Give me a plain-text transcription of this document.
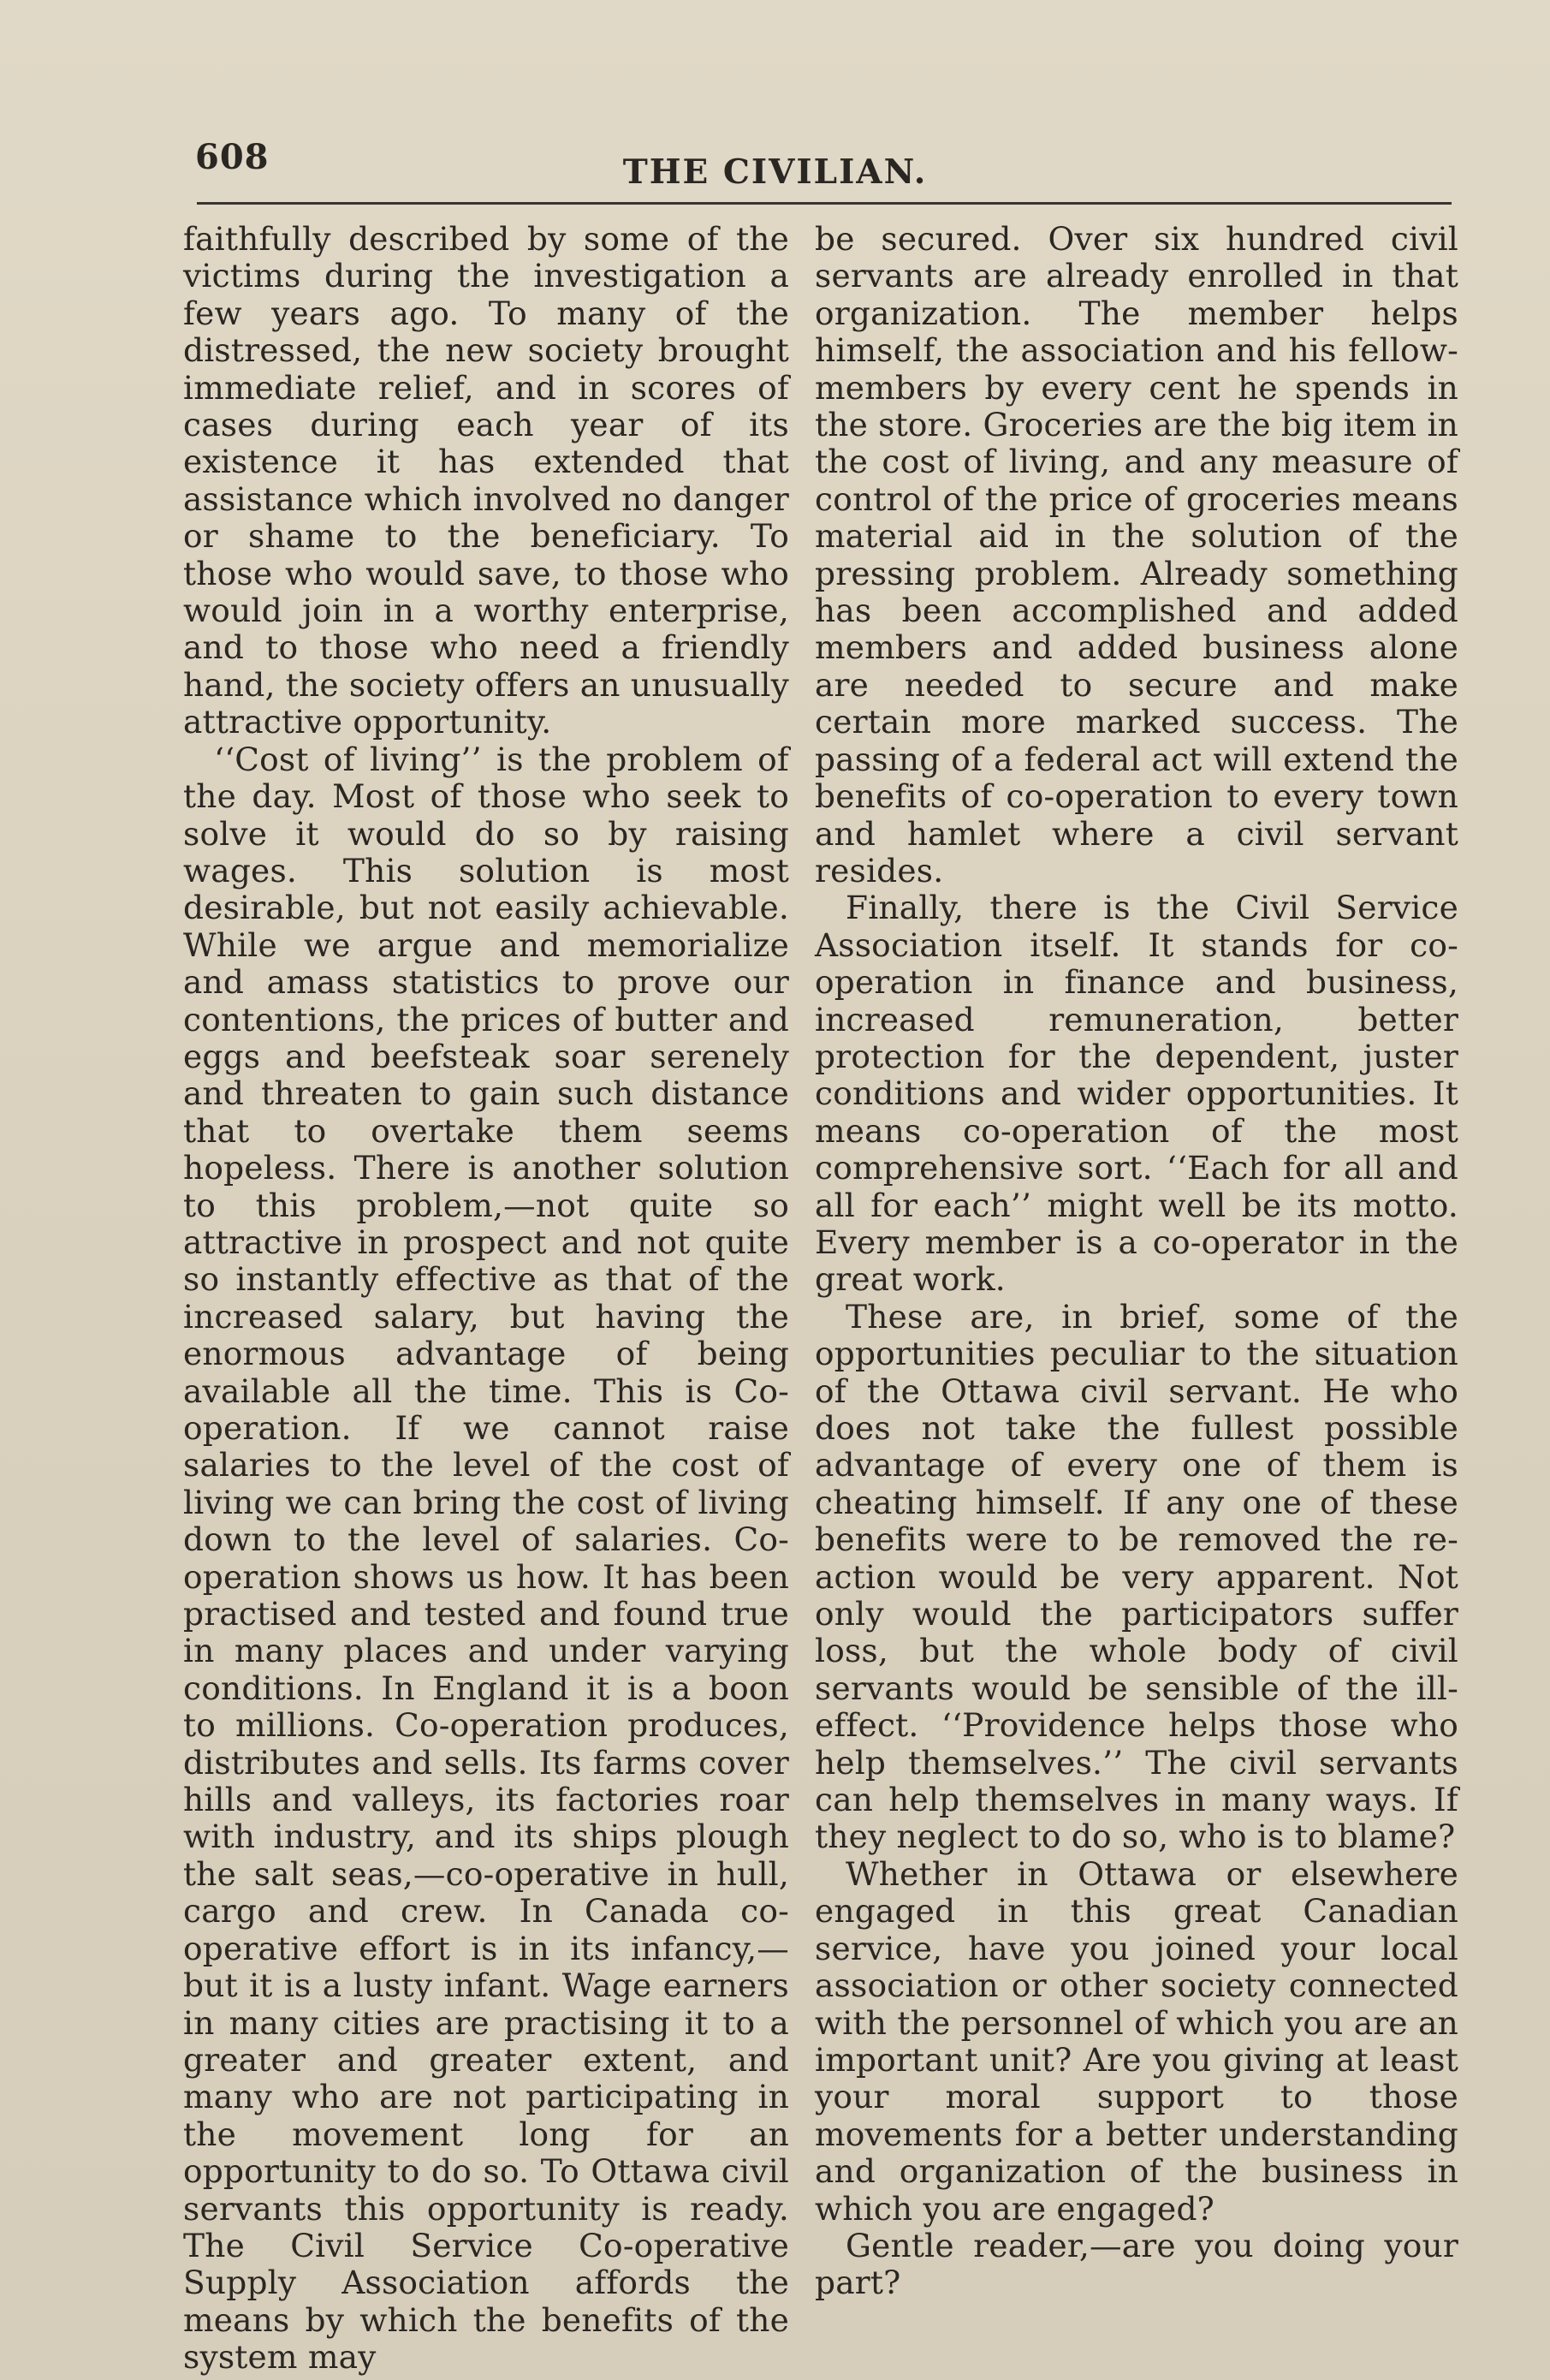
608	THE CIVILIAN.

faithfully described by some of the victims during the investigation a few years ago. To many of the distressed, the new society brought immediate relief, and in scores of cases during each year of its existence it has extended that assistance which involved no danger or shame to the beneficiary. To those who would save, to those who would join in a worthy enterprise, and to those who need a friendly hand, the society offers an unusually attractive opportunity.

‘‘Cost of living’’ is the problem of the day. Most of those who seek to solve it would do so by raising wages. This solution is most desirable, but not easily achievable. While we argue and memorialize and amass statistics to prove our contentions, the prices of butter and eggs and beefsteak soar serenely and threaten to gain such distance that to overtake them seems hopeless. There is another solution to this problem,—not quite so attractive in prospect and not quite so instantly effective as that of the increased salary, but having the enormous advantage of being available all the time. This is Co-operation. If we cannot raise salaries to the level of the cost of living we can bring the cost of living down to the level of salaries. Co-operation shows us how. It has been practised and tested and found true in many places and under varying conditions. In England it is a boon to millions. Co-operation produces, distributes and sells. Its farms cover hills and valleys, its factories roar with industry, and its ships plough the salt seas,—co-operative in hull, cargo and crew. In Canada co-operative effort is in its infancy,—but it is a lusty infant. Wage earners in many cities are practising it to a greater and greater extent, and many who are not participating in the movement long for an opportunity to do so. To Ottawa civil servants this opportunity is ready. The Civil Service Co-operative Supply Association affords the means by which the benefits of the system may

be secured. Over six hundred civil servants are already enrolled in that organization. The member helps himself, the association and his fellow-members by every cent he spends in the store. Groceries are the big item in the cost of living, and any measure of control of the price of groceries means material aid in the solution of the pressing problem. Already something has been accomplished and added members and added business alone are needed to secure and make certain more marked success. The passing of a federal act will extend the benefits of co-operation to every town and hamlet where a civil servant resides.

Finally, there is the Civil Service Association itself. It stands for co-operation in finance and business, increased remuneration, better protection for the dependent, juster conditions and wider opportunities. It means co-operation of the most comprehensive sort. ‘‘Each for all and all for each’’ might well be its motto. Every member is a co-operator in the great work.

These are, in brief, some of the opportunities peculiar to the situation of the Ottawa civil servant. He who does not take the fullest possible advantage of every one of them is cheating himself. If any one of these benefits were to be removed the re-action would be very apparent. Not only would the participators suffer loss, but the whole body of civil servants would be sensible of the ill-effect. ‘‘Providence helps those who help themselves.’’ The civil servants can help themselves in many ways. If they neglect to do so, who is to blame?

Whether in Ottawa or elsewhere engaged in this great Canadian service, have you joined your local association or other society connected with the personnel of which you are an important unit? Are you giving at least your moral support to those movements for a better understanding and organization of the business in which you are engaged?

Gentle reader,—are you doing your part?
